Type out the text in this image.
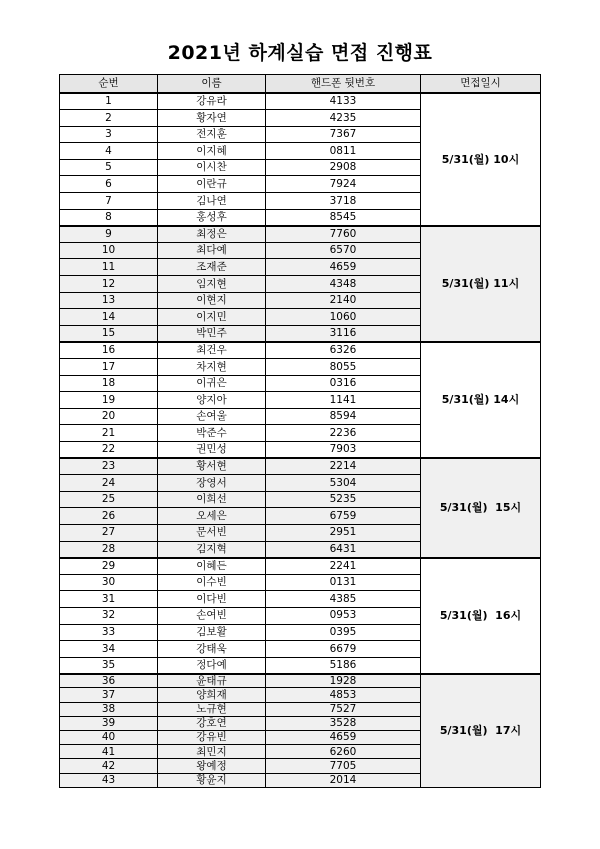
2021년 하계실습 면접 진행표
순번	이름	핸드폰 뒷번호	면접일시
1	강유라	4133	5/31(월) 10시
2	황자연	4235	
3	전지훈	7367	
4	이지혜	0811	
5	이시찬	2908	
6	이란규	7924	
7	김나연	3718	
8	홍성후	8545	
9	최정은	7760	5/31(월) 11시
10	최다예	6570	
11	조재준	4659	
12	임지현	4348	
13	이현지	2140	
14	이지민	1060	
15	박민주	3116	
16	최건우	6326	5/31(월) 14시
17	차지현	8055	
18	이귀은	0316	
19	양지아	1141	
20	손여울	8594	
21	박준수	2236	
22	권민성	7903	
23	황서현	2214	5/31(월)  15시
24	장영서	5304	
25	이희선	5235	
26	오세은	6759	
27	문서빈	2951	
28	김지혁	6431	
29	이혜든	2241	5/31(월)  16시
30	이수빈	0131	
31	이다빈	4385	
32	손여빈	0953	
33	김보활	0395	
34	강태욱	6679	
35	정다예	5186	
36	윤태규	1928	5/31(월)  17시
37	양희재	4853	
38	노규현	7527	
39	강호연	3528	
40	강유빈	4659	
41	최민지	6260	
42	왕예정	7705	
43	황윤지	2014	
